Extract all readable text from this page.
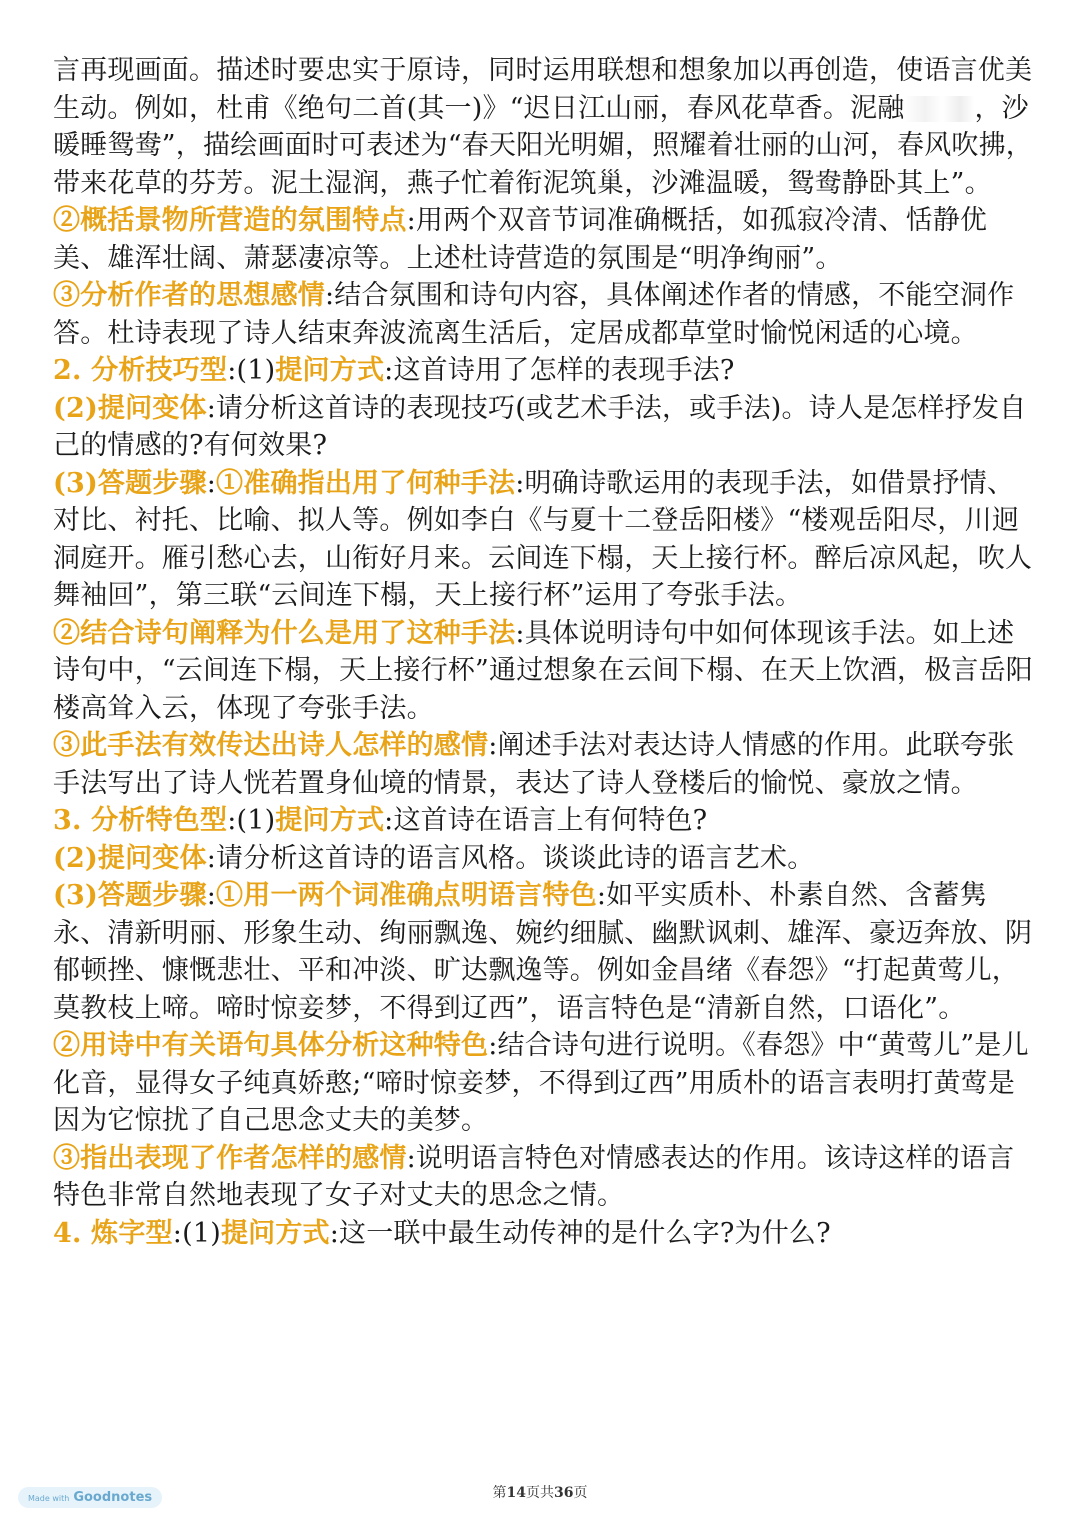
言再现画面。描述时要忠实于原诗，同时运用联想和想象加以再创造，使语言优美生动。例如，杜甫《绝句二首(其一)》“迟日江山丽，春风花草香。泥融	，沙暖睡鸳鸯”，描绘画面时可表述为“春天阳光明媚，照耀着壮丽的山河，春风吹拂，带来花草的芬芳。泥土湿润，燕子忙着衔泥筑巢，沙滩温暖，鸳鸯静卧其上”。

②概括景物所营造的氛围特点:用两个双音节词准确概括，如孤寂冷清、恬静优美、雄浑壮阔、萧瑟凄凉等。上述杜诗营造的氛围是“明净绚丽”。

③分析作者的思想感情:结合氛围和诗句内容，具体阐述作者的情感，不能空洞作答。杜诗表现了诗人结束奔波流离生活后，定居成都草堂时愉悦闲适的心境。

2. 分析技巧型:(1)提问方式:这首诗用了怎样的表现手法?

(2)提问变体:请分析这首诗的表现技巧(或艺术手法，或手法)。诗人是怎样抒发自己的情感的?有何效果?

(3)答题步骤:①准确指出用了何种手法:明确诗歌运用的表现手法，如借景抒情、对比、衬托、比喻、拟人等。例如李白《与夏十二登岳阳楼》“楼观岳阳尽，川迥洞庭开。雁引愁心去，山衔好月来。云间连下榻，天上接行杯。醉后凉风起，吹人舞袖回”，第三联“云间连下榻，天上接行杯”运用了夸张手法。

②结合诗句阐释为什么是用了这种手法:具体说明诗句中如何体现该手法。如上述诗句中，“云间连下榻，天上接行杯”通过想象在云间下榻、在天上饮酒，极言岳阳楼高耸入云，体现了夸张手法。

③此手法有效传达出诗人怎样的感情:阐述手法对表达诗人情感的作用。此联夸张手法写出了诗人恍若置身仙境的情景，表达了诗人登楼后的愉悦、豪放之情。

3. 分析特色型:(1)提问方式:这首诗在语言上有何特色?

(2)提问变体:请分析这首诗的语言风格。谈谈此诗的语言艺术。

(3)答题步骤:①用一两个词准确点明语言特色:如平实质朴、朴素自然、含蓄隽永、清新明丽、形象生动、绚丽飘逸、婉约细腻、幽默讽刺、雄浑、豪迈奔放、阴郁顿挫、慷慨悲壮、平和冲淡、旷达飘逸等。例如金昌绪《春怨》“打起黄莺儿，莫教枝上啼。啼时惊妾梦，不得到辽西”，语言特色是“清新自然，口语化”。

②用诗中有关语句具体分析这种特色:结合诗句进行说明。《春怨》中“黄莺儿”是儿化音，显得女子纯真娇憨;“啼时惊妾梦，不得到辽西”用质朴的语言表明打黄莺是因为它惊扰了自己思念丈夫的美梦。

③指出表现了作者怎样的感情:说明语言特色对情感表达的作用。该诗这样的语言特色非常自然地表现了女子对丈夫的思念之情。

4. 炼字型:(1)提问方式:这一联中最生动传神的是什么字?为什么?

第14页共36页
Made with Goodnotes
